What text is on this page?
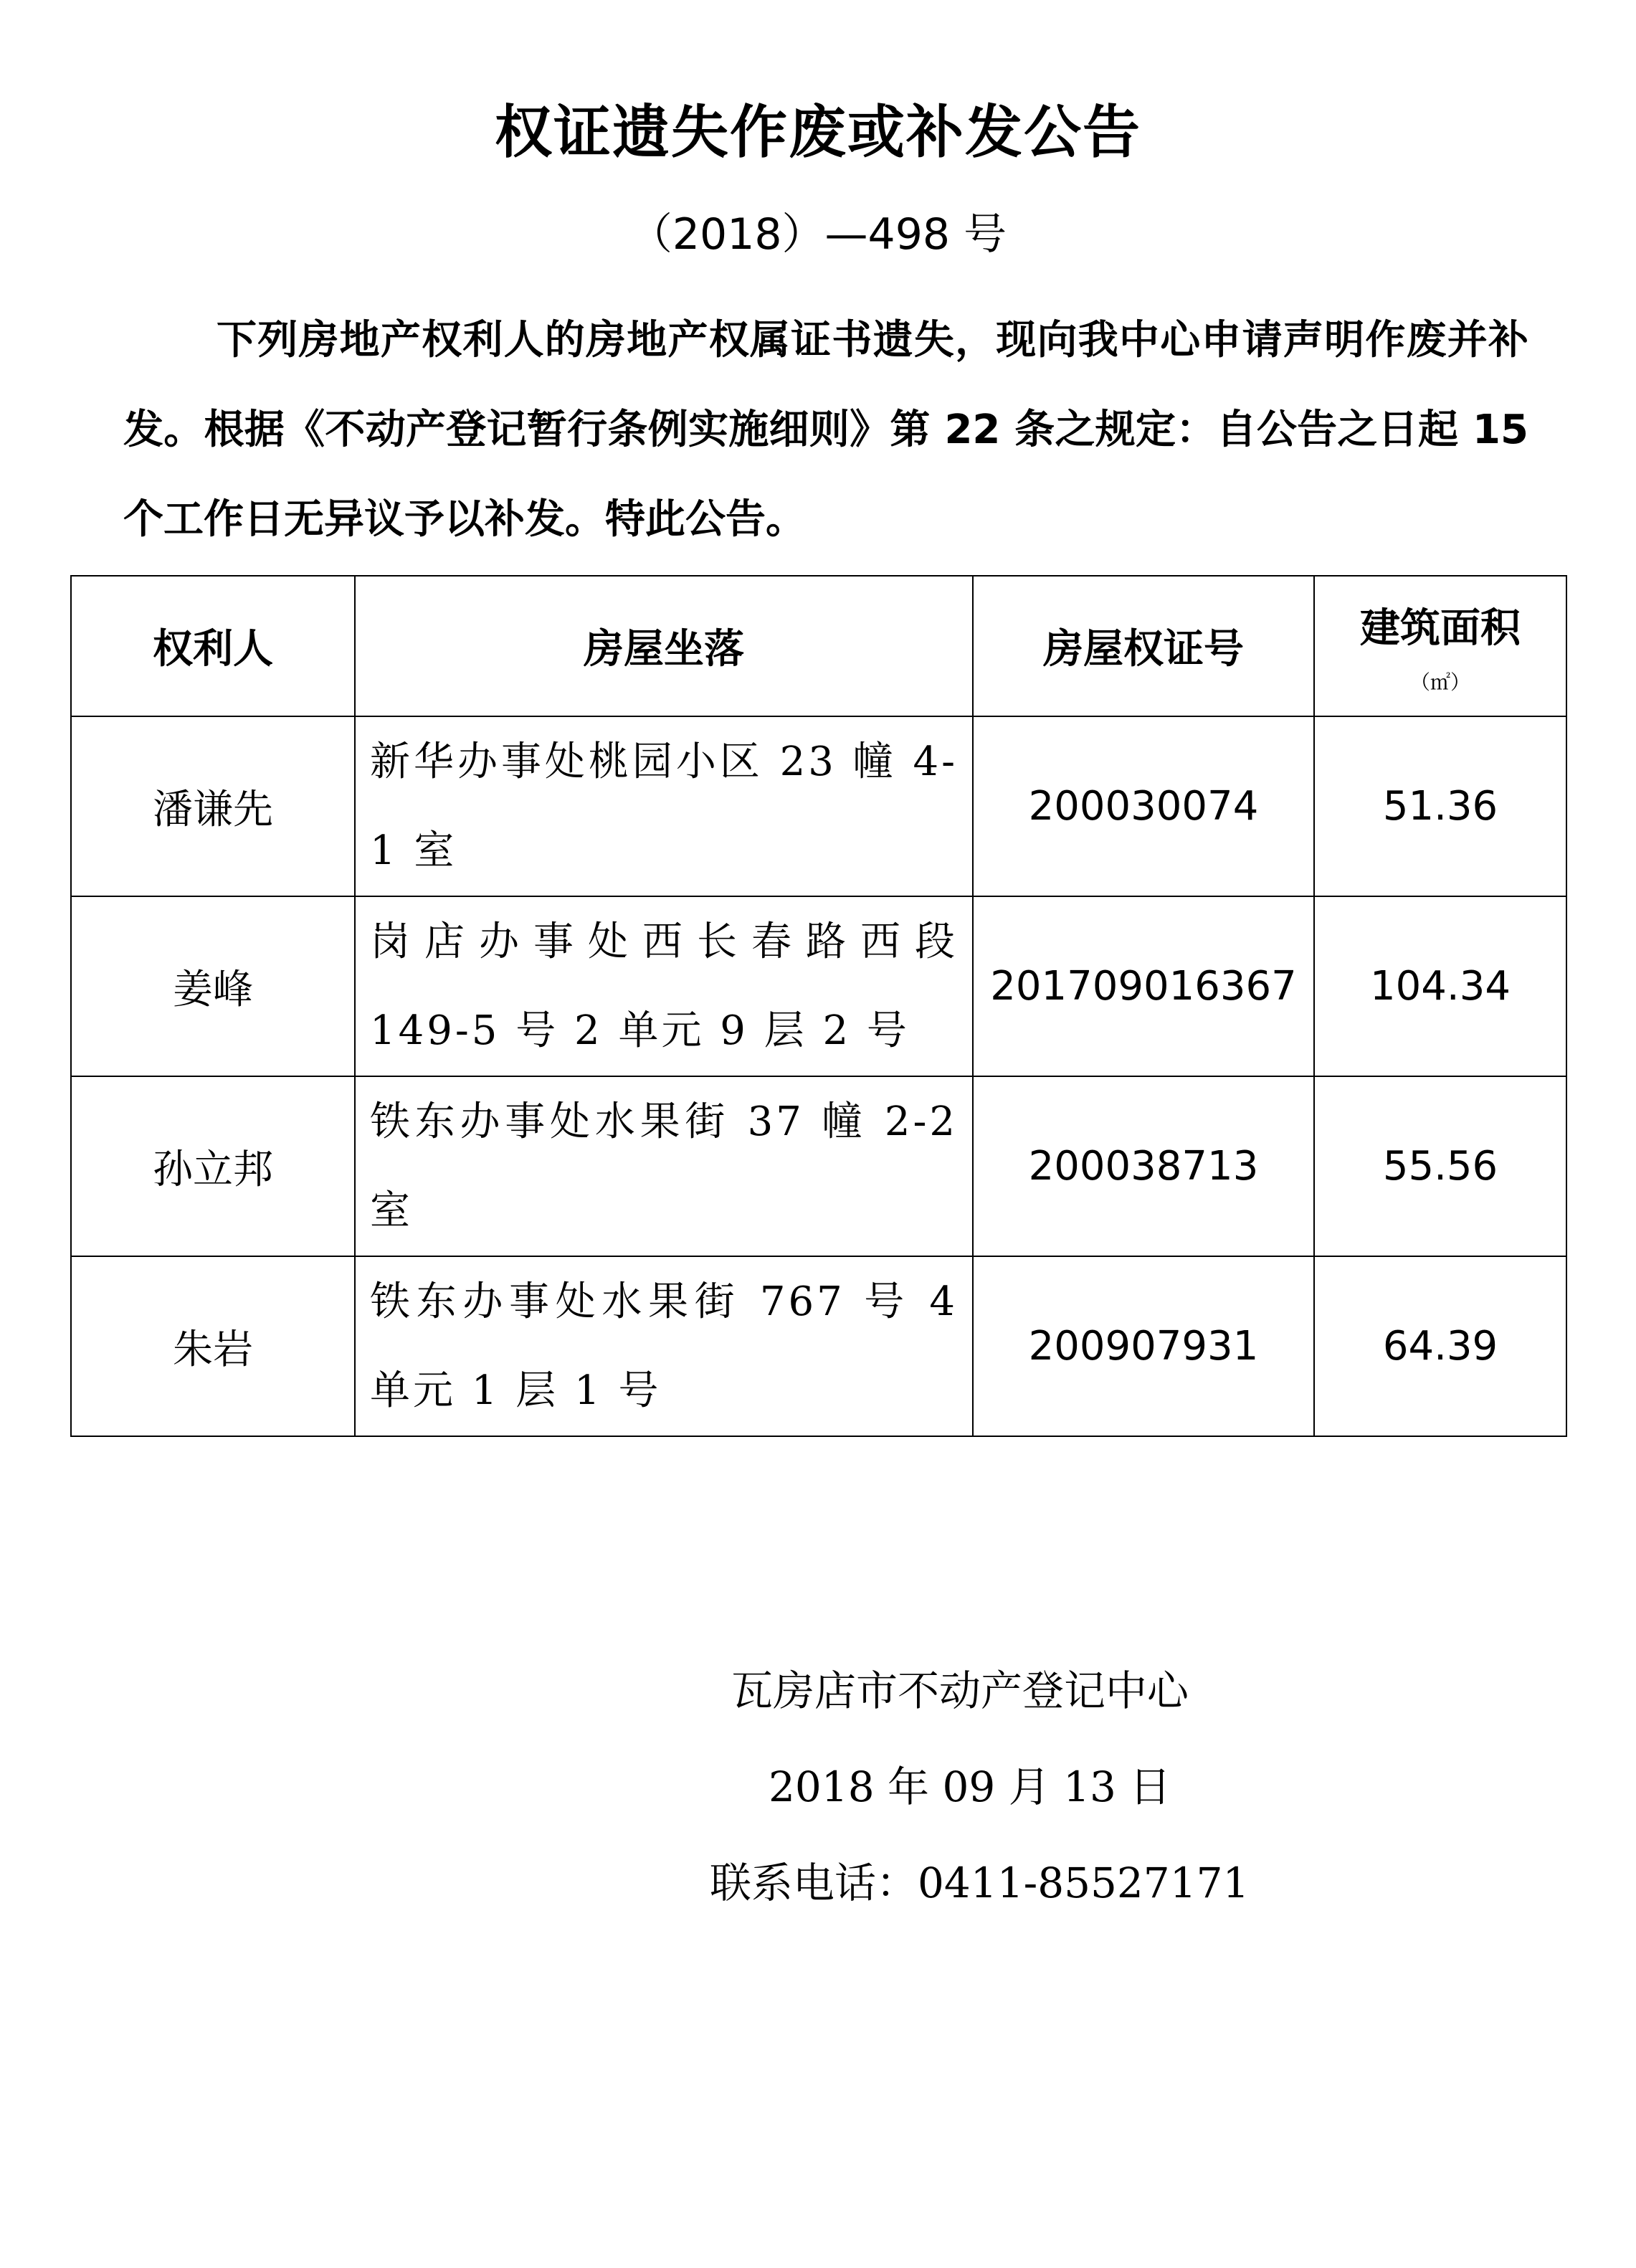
权证遗失作废或补发公告
（2018）—498 号
下列房地产权利人的房地产权属证书遗失，现向我中心申请声明作废并补发。根据《不动产登记暂行条例实施细则》第 22 条之规定：自公告之日起 15 个工作日无异议予以补发。特此公告。
权利人	房屋坐落	房屋权证号	建筑面积
（㎡）

潘谦先	新华办事处桃园小区 23 幢 4-1 室	200030074	51.36
姜峰	岗店办事处西长春路西段 149-5 号 2 单元 9 层 2 号	201709016367	104.34
孙立邦	铁东办事处水果街 37 幢 2-2 室	200038713	55.56
朱岩	铁东办事处水果街 767 号 4 单元 1 层 1 号	200907931	64.39
瓦房店市不动产登记中心
2018 年 09 月 13 日
联系电话：0411-85527171
